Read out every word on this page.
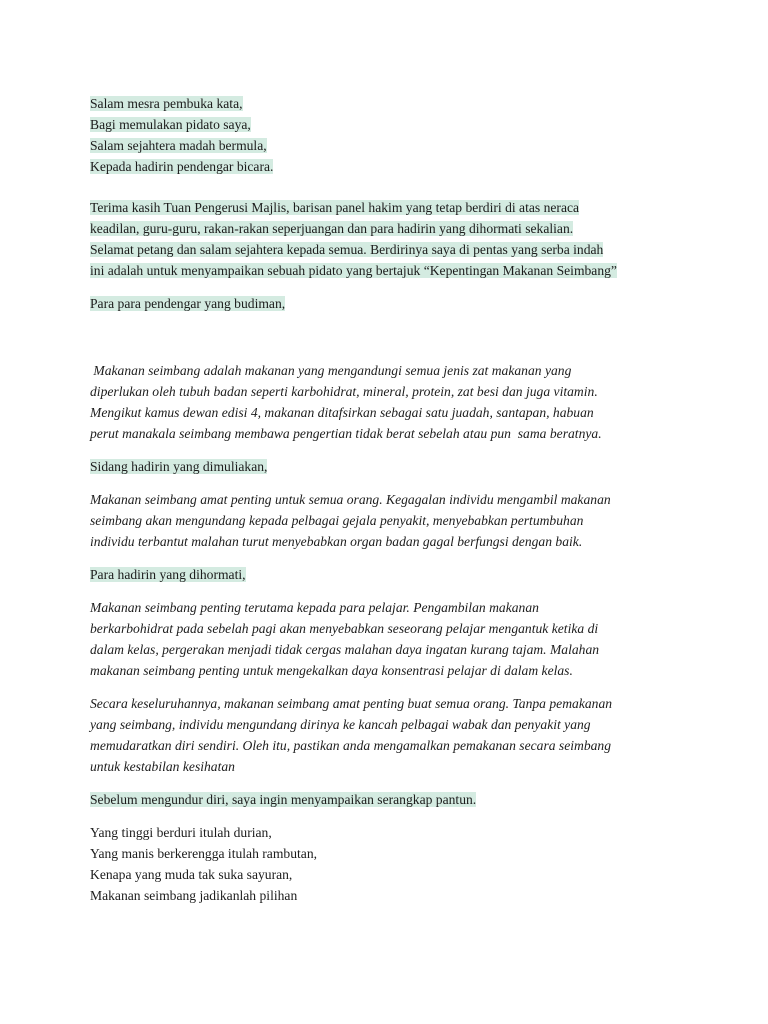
Salam mesra pembuka kata,
Bagi memulakan pidato saya,
Salam sejahtera madah bermula,
Kepada hadirin pendengar bicara.
Terima kasih Tuan Pengerusi Majlis, barisan panel hakim yang tetap berdiri di atas neraca
keadilan, guru-guru, rakan-rakan seperjuangan dan para hadirin yang dihormati sekalian.
Selamat petang dan salam sejahtera kepada semua. Berdirinya saya di pentas yang serba indah
ini adalah untuk menyampaikan sebuah pidato yang bertajuk “Kepentingan Makanan Seimbang”
Para para pendengar yang budiman,
Makanan seimbang adalah makanan yang mengandungi semua jenis zat makanan yang
diperlukan oleh tubuh badan seperti karbohidrat, mineral, protein, zat besi dan juga vitamin.
Mengikut kamus dewan edisi 4, makanan ditafsirkan sebagai satu juadah, santapan, habuan
perut manakala seimbang membawa pengertian tidak berat sebelah atau pun  sama beratnya.
Sidang hadirin yang dimuliakan,
Makanan seimbang amat penting untuk semua orang. Kegagalan individu mengambil makanan
seimbang akan mengundang kepada pelbagai gejala penyakit, menyebabkan pertumbuhan
individu terbantut malahan turut menyebabkan organ badan gagal berfungsi dengan baik.
Para hadirin yang dihormati,
Makanan seimbang penting terutama kepada para pelajar. Pengambilan makanan
berkarbohidrat pada sebelah pagi akan menyebabkan seseorang pelajar mengantuk ketika di
dalam kelas, pergerakan menjadi tidak cergas malahan daya ingatan kurang tajam. Malahan
makanan seimbang penting untuk mengekalkan daya konsentrasi pelajar di dalam kelas.
Secara keseluruhannya, makanan seimbang amat penting buat semua orang. Tanpa pemakanan
yang seimbang, individu mengundang dirinya ke kancah pelbagai wabak dan penyakit yang
memudaratkan diri sendiri. Oleh itu, pastikan anda mengamalkan pemakanan secara seimbang
untuk kestabilan kesihatan
Sebelum mengundur diri, saya ingin menyampaikan serangkap pantun.
Yang tinggi berduri itulah durian,
Yang manis berkerengga itulah rambutan,
Kenapa yang muda tak suka sayuran,
Makanan seimbang jadikanlah pilihan
